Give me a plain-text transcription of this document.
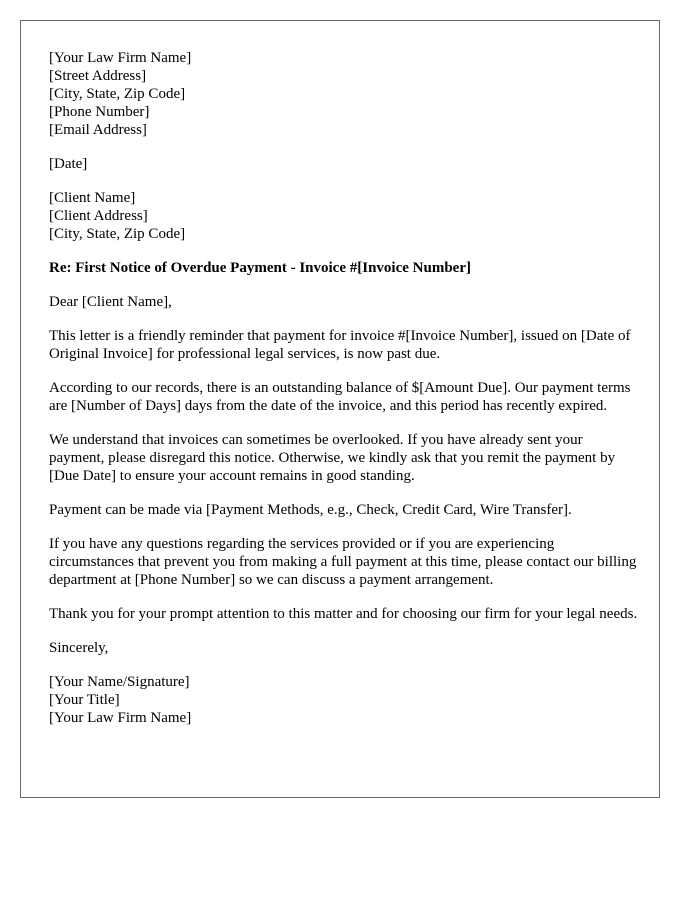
[Your Law Firm Name]
[Street Address]
[City, State, Zip Code]
[Phone Number]
[Email Address]
[Date]
[Client Name]
[Client Address]
[City, State, Zip Code]

Re: First Notice of Overdue Payment - Invoice #[Invoice Number]

Dear [Client Name],

This letter is a friendly reminder that payment for invoice #[Invoice Number], issued on [Date of Original Invoice] for professional legal services, is now past due.

According to our records, there is an outstanding balance of $[Amount Due]. Our payment terms are [Number of Days] days from the date of the invoice, and this period has recently expired.

We understand that invoices can sometimes be overlooked. If you have already sent your payment, please disregard this notice. Otherwise, we kindly ask that you remit the payment by [Due Date] to ensure your account remains in good standing.

Payment can be made via [Payment Methods, e.g., Check, Credit Card, Wire Transfer].

If you have any questions regarding the services provided or if you are experiencing circumstances that prevent you from making a full payment at this time, please contact our billing department at [Phone Number] so we can discuss a payment arrangement.

Thank you for your prompt attention to this matter and for choosing our firm for your legal needs.

Sincerely,

[Your Name/Signature]
[Your Title]
[Your Law Firm Name]
